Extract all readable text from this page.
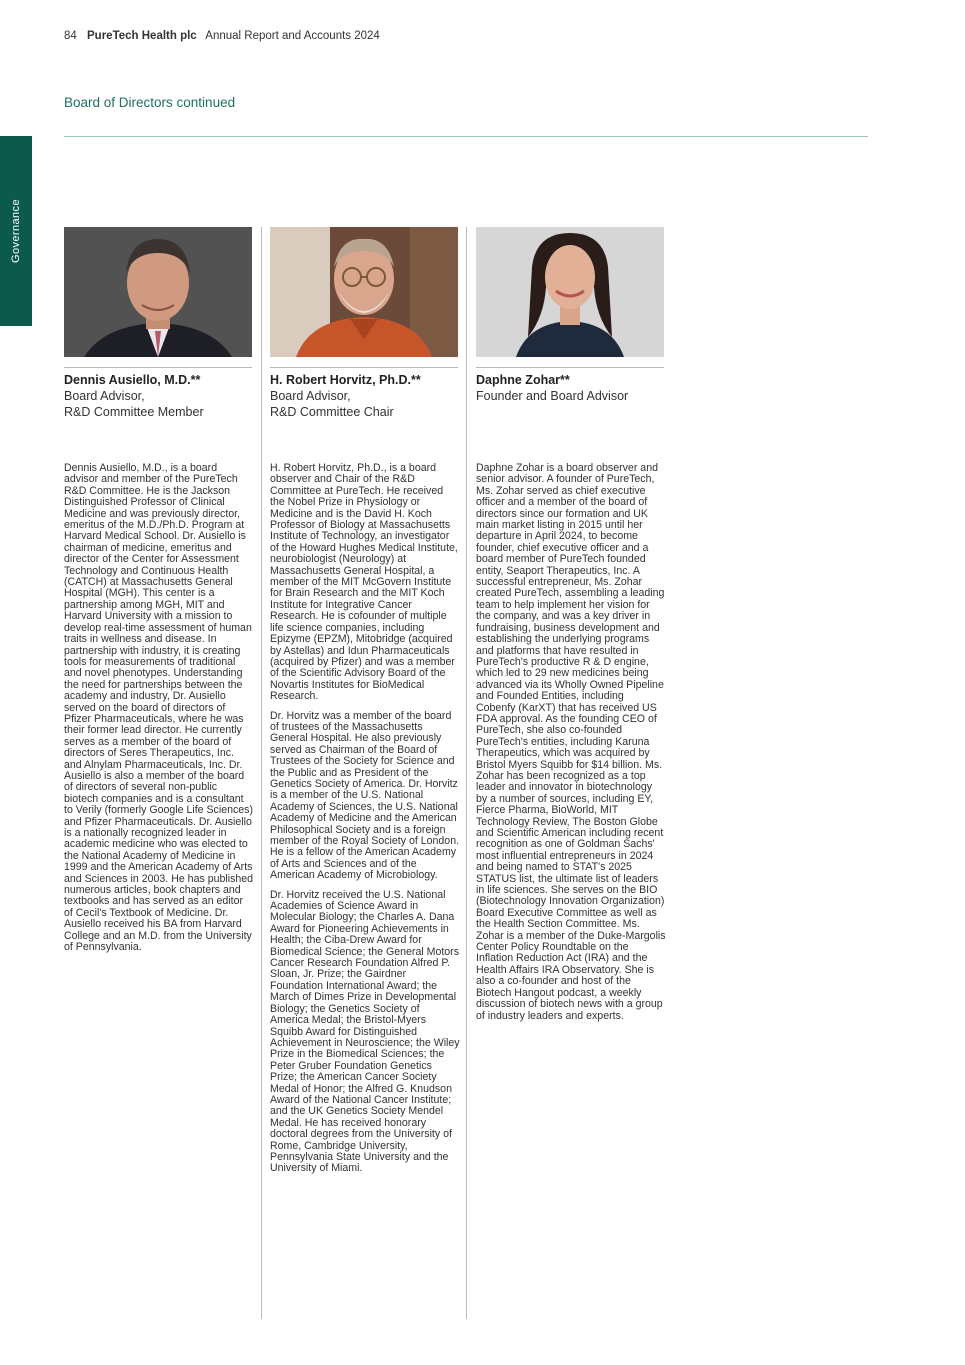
84 PureTech Health plc Annual Report and Accounts 2024
Board of Directors continued
Governance
Dennis Ausiello, M.D.**
Board Advisor,
R&D Committee Member

Dennis Ausiello, M.D., is a board advisor and member of the PureTech R&D Committee. He is the Jackson Distinguished Professor of Clinical Medicine and was previously director, emeritus of the M.D./Ph.D. Program at Harvard Medical School. Dr. Ausiello is chairman of medicine, emeritus and director of the Center for Assessment Technology and Continuous Health (CATCH) at Massachusetts General Hospital (MGH). This center is a partnership among MGH, MIT and Harvard University with a mission to develop real-time assessment of human traits in wellness and disease. In partnership with industry, it is creating tools for measurements of traditional and novel phenotypes. Understanding the need for partnerships between the academy and industry, Dr. Ausiello served on the board of directors of Pfizer Pharmaceuticals, where he was their former lead director. He currently serves as a member of the board of directors of Seres Therapeutics, Inc. and Alnylam Pharmaceuticals, Inc. Dr. Ausiello is also a member of the board of directors of several non-public biotech companies and is a consultant to Verily (formerly Google Life Sciences) and Pfizer Pharmaceuticals. Dr. Ausiello is a nationally recognized leader in academic medicine who was elected to the National Academy of Medicine in 1999 and the American Academy of Arts and Sciences in 2003. He has published numerous articles, book chapters and textbooks and has served as an editor of Cecil's Textbook of Medicine. Dr. Ausiello received his BA from Harvard College and an M.D. from the University of Pennsylvania.

H. Robert Horvitz, Ph.D.**
Board Advisor,
R&D Committee Chair

H. Robert Horvitz, Ph.D., is a board observer and Chair of the R&D Committee at PureTech. He received the Nobel Prize in Physiology or Medicine and is the David H. Koch Professor of Biology at Massachusetts Institute of Technology, an investigator of the Howard Hughes Medical Institute, neurobiologist (Neurology) at Massachusetts General Hospital, a member of the MIT McGovern Institute for Brain Research and the MIT Koch Institute for Integrative Cancer Research. He is cofounder of multiple life science companies, including Epizyme (EPZM), Mitobridge (acquired by Astellas) and Idun Pharmaceuticals (acquired by Pfizer) and was a member of the Scientific Advisory Board of the Novartis Institutes for BioMedical Research.

Dr. Horvitz was a member of the board of trustees of the Massachusetts General Hospital. He also previously served as Chairman of the Board of Trustees of the Society for Science and the Public and as President of the Genetics Society of America. Dr. Horvitz is a member of the U.S. National Academy of Sciences, the U.S. National Academy of Medicine and the American Philosophical Society and is a foreign member of the Royal Society of London. He is a fellow of the American Academy of Arts and Sciences and of the American Academy of Microbiology.

Dr. Horvitz received the U.S. National Academies of Science Award in Molecular Biology; the Charles A. Dana Award for Pioneering Achievements in Health; the Ciba-Drew Award for Biomedical Science; the General Motors Cancer Research Foundation Alfred P. Sloan, Jr. Prize; the Gairdner Foundation International Award; the March of Dimes Prize in Developmental Biology; the Genetics Society of America Medal; the Bristol-Myers Squibb Award for Distinguished Achievement in Neuroscience; the Wiley Prize in the Biomedical Sciences; the Peter Gruber Foundation Genetics Prize; the American Cancer Society Medal of Honor; the Alfred G. Knudson Award of the National Cancer Institute; and the UK Genetics Society Mendel Medal. He has received honorary doctoral degrees from the University of Rome, Cambridge University, Pennsylvania State University and the University of Miami.

Daphne Zohar**
Founder and Board Advisor

Daphne Zohar is a board observer and senior advisor. A founder of PureTech, Ms. Zohar served as chief executive officer and a member of the board of directors since our formation and UK main market listing in 2015 until her departure in April 2024, to become founder, chief executive officer and a board member of PureTech founded entity, Seaport Therapeutics, Inc. A successful entrepreneur, Ms. Zohar created PureTech, assembling a leading team to help implement her vision for the company, and was a key driver in fundraising, business development and establishing the underlying programs and platforms that have resulted in PureTech's productive R & D engine, which led to 29 new medicines being advanced via its Wholly Owned Pipeline and Founded Entities, including Cobenfy (KarXT) that has received US FDA approval. As the founding CEO of PureTech, she also co-founded PureTech's entities, including Karuna Therapeutics, which was acquired by Bristol Myers Squibb for $14 billion. Ms. Zohar has been recognized as a top leader and innovator in biotechnology by a number of sources, including EY, Fierce Pharma, BioWorld, MIT Technology Review, The Boston Globe and Scientific American including recent recognition as one of Goldman Sachs' most influential entrepreneurs in 2024 and being named to STAT's 2025 STATUS list, the ultimate list of leaders in life sciences. She serves on the BIO (Biotechnology Innovation Organization) Board Executive Committee as well as the Health Section Committee. Ms. Zohar is a member of the Duke-Margolis Center Policy Roundtable on the Inflation Reduction Act (IRA) and the Health Affairs IRA Observatory. She is also a co-founder and host of the Biotech Hangout podcast, a weekly discussion of biotech news with a group of industry leaders and experts.
